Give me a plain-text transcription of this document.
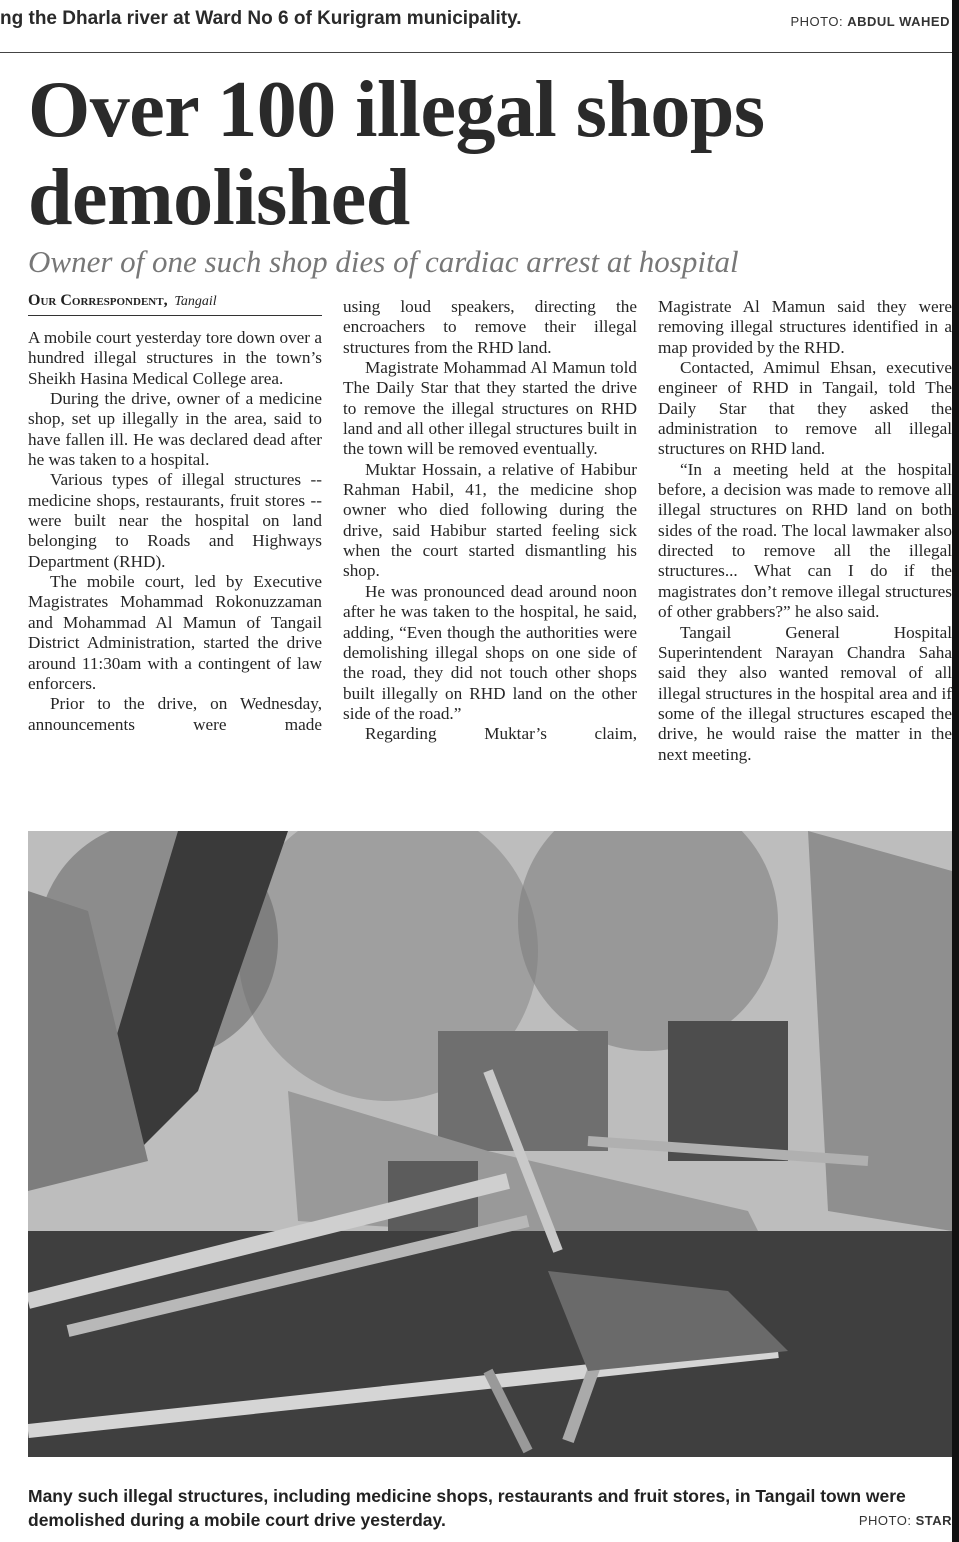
ng the Dharla river at Ward No 6 of Kurigram municipality.	PHOTO: ABDUL WAHED
Over 100 illegal shops demolished
Owner of one such shop dies of cardiac arrest at hospital
Our Correspondent, Tangail

A mobile court yesterday tore down over a hundred illegal structures in the town’s Sheikh Hasina Medical College area.

During the drive, owner of a medicine shop, set up illegally in the area, said to have fallen ill. He was declared dead after he was taken to a hospital.

Various types of illegal structures -- medicine shops, restaurants, fruit stores -- were built near the hospital on land belonging to Roads and Highways Department (RHD).

The mobile court, led by Executive Magistrates Mohammad Rokonuzzaman and Mohammad Al Mamun of Tangail District Administration, started the drive around 11:30am with a contingent of law enforcers.

Prior to the drive, on Wednesday, announcements were made

using loud speakers, directing the encroachers to remove their illegal structures from the RHD land.

Magistrate Mohammad Al Mamun told The Daily Star that they started the drive to remove the illegal structures on RHD land and all other illegal structures built in the town will be removed eventually.

Muktar Hossain, a relative of Habibur Rahman Habil, 41, the medicine shop owner who died following during the drive, said Habibur started feeling sick when the court started dismantling his shop.

He was pronounced dead around noon after he was taken to the hospital, he said, adding, “Even though the authorities were demolishing illegal shops on one side of the road, they did not touch other shops built illegally on RHD land on the other side of the road.”

Regarding Muktar’s claim,

Magistrate Al Mamun said they were removing illegal structures identified in a map provided by the RHD.

Contacted, Amimul Ehsan, executive engineer of RHD in Tangail, told The Daily Star that they asked the administration to remove all illegal structures on RHD land.

“In a meeting held at the hospital before, a decision was made to remove all illegal structures on RHD land on both sides of the road. The local lawmaker also directed to remove all the illegal structures... What can I do if the magistrates don’t remove illegal structures of other grabbers?” he also said.

Tangail General Hospital Superintendent Narayan Chandra Saha said they also wanted removal of all illegal structures in the hospital area and if some of the illegal structures escaped the drive, he would raise the matter in the next meeting.

Many such illegal structures, including medicine shops, restaurants and fruit stores, in Tangail town were demolished during a mobile court drive yesterday.	PHOTO: STAR
